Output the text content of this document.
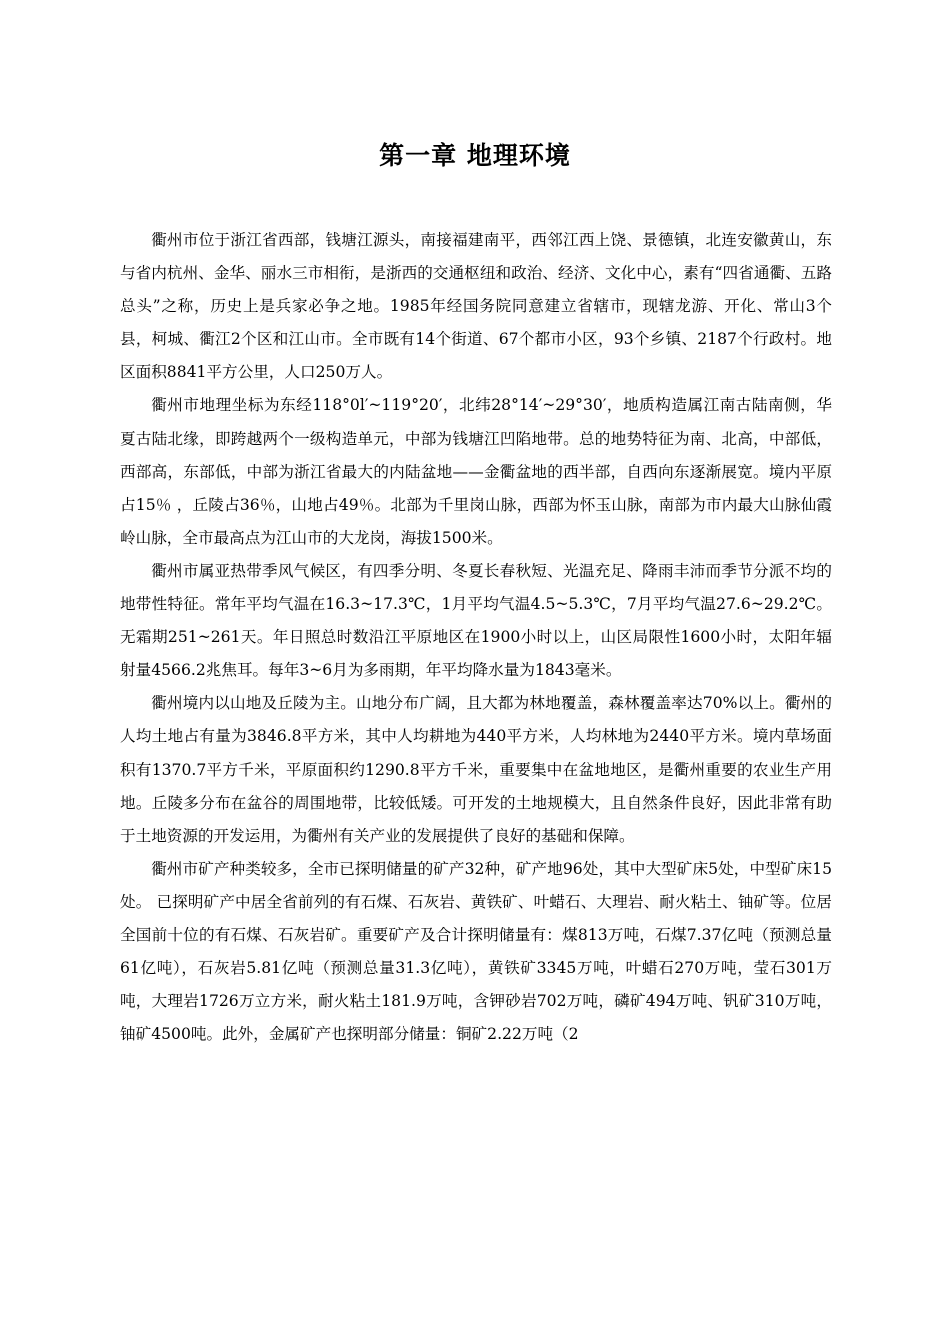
第一章 地理环境

衢州市位于浙江省西部，钱塘江源头，南接福建南平，西邻江西上饶、景德镇，北连安徽黄山，东与省内杭州、金华、丽水三市相衔，是浙西的交通枢纽和政治、经济、文化中心，素有“四省通衢、五路总头”之称，历史上是兵家必争之地。1985年经国务院同意建立省辖市，现辖龙游、开化、常山3个县，柯城、衢江2个区和江山市。全市既有14个街道、67个都市小区，93个乡镇、2187个行政村。地区面积8841平方公里，人口250万人。

衢州市地理坐标为东经118°0l′~119°20′，北纬28°14′~29°30′，地质构造属江南古陆南侧，华夏古陆北缘，即跨越两个一级构造单元，中部为钱塘江凹陷地带。总的地势特征为南、北高，中部低，西部高，东部低，中部为浙江省最大的内陆盆地——金衢盆地的西半部，自西向东逐渐展宽。境内平原占15％ ，丘陵占36％，山地占49％。北部为千里岗山脉，西部为怀玉山脉，南部为市内最大山脉仙霞岭山脉，全市最高点为江山市的大龙岗，海拔1500米。

衢州市属亚热带季风气候区，有四季分明、冬夏长春秋短、光温充足、降雨丰沛而季节分派不均的地带性特征。常年平均气温在16.3~17.3℃，1月平均气温4.5~5.3℃，7月平均气温27.6~29.2℃。无霜期251~261天。年日照总时数沿江平原地区在1900小时以上，山区局限性1600小时，太阳年辐射量4566.2兆焦耳。每年3~6月为多雨期，年平均降水量为1843毫米。

衢州境内以山地及丘陵为主。山地分布广阔，且大都为林地覆盖，森林覆盖率达70%以上。衢州的人均土地占有量为3846.8平方米，其中人均耕地为440平方米，人均林地为2440平方米。境内草场面积有1370.7平方千米，平原面积约1290.8平方千米，重要集中在盆地地区，是衢州重要的农业生产用地。丘陵多分布在盆谷的周围地带，比较低矮。可开发的土地规模大，且自然条件良好，因此非常有助于土地资源的开发运用，为衢州有关产业的发展提供了良好的基础和保障。

衢州市矿产种类较多，全市已探明储量的矿产32种，矿产地96处，其中大型矿床5处，中型矿床15处。 已探明矿产中居全省前列的有石煤、石灰岩、黄铁矿、叶蜡石、大理岩、耐火粘土、铀矿等。位居全国前十位的有石煤、石灰岩矿。重要矿产及合计探明储量有：煤813万吨，石煤7.37亿吨（预测总量61亿吨），石灰岩5.81亿吨（预测总量31.3亿吨），黄铁矿3345万吨，叶蜡石270万吨，莹石301万吨，大理岩1726万立方米，耐火粘土181.9万吨，含钾砂岩702万吨，磷矿494万吨、钒矿310万吨，铀矿4500吨。此外，金属矿产也探明部分储量：铜矿2.22万吨（2
